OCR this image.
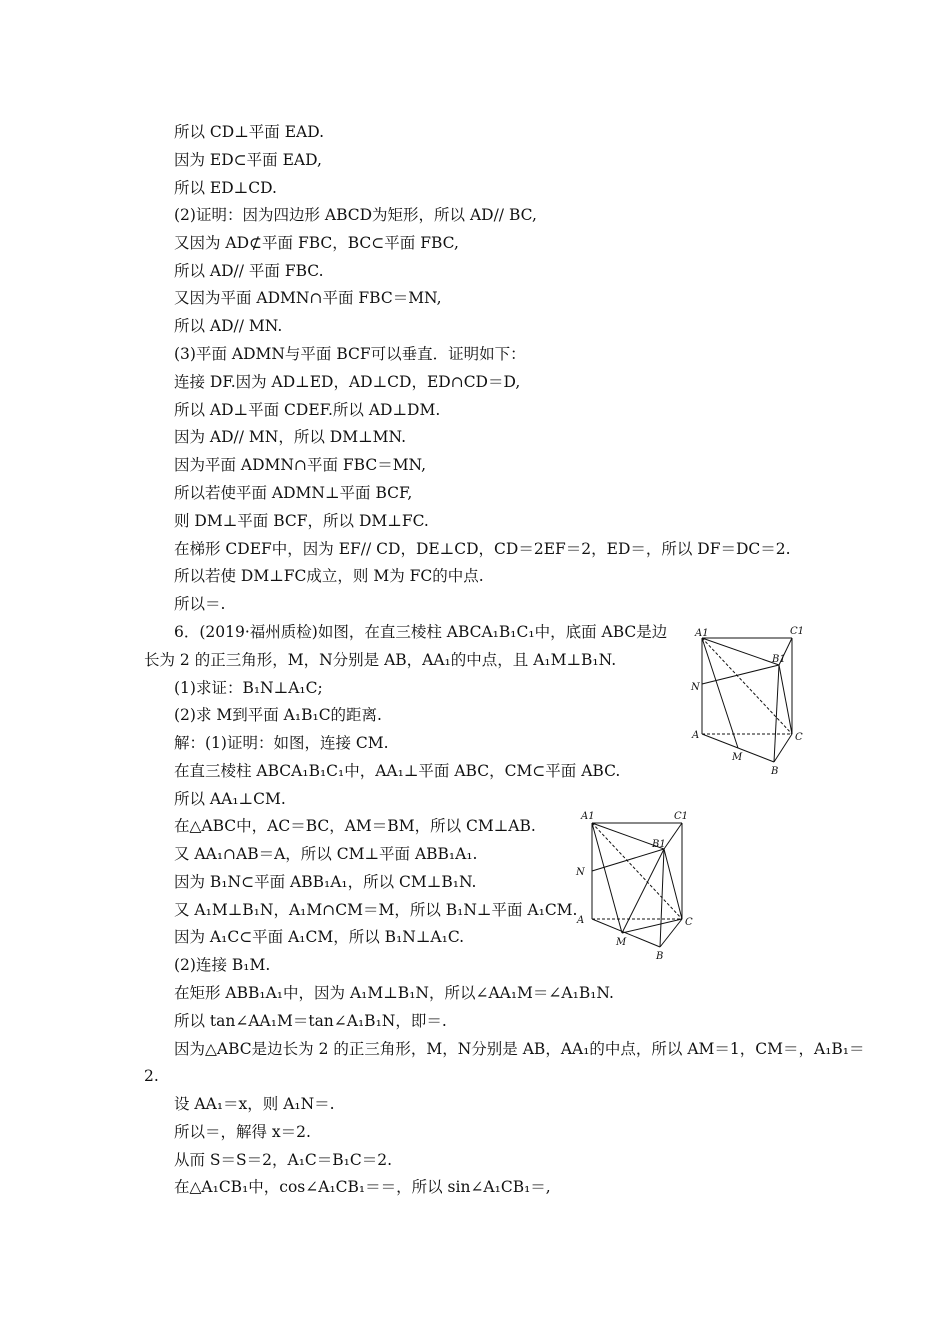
所以 CD⊥平面 EAD.
因为 ED⊂平面 EAD,
所以 ED⊥CD.
(2)证明：因为四边形 ABCD为矩形，所以 AD// BC,
又因为 AD⊄平面 FBC，BC⊂平面 FBC,
所以 AD// 平面 FBC.
又因为平面 ADMN∩平面 FBC＝MN,
所以 AD// MN.
(3)平面 ADMN与平面 BCF可以垂直．证明如下：
连接 DF.因为 AD⊥ED，AD⊥CD，ED∩CD＝D,
所以 AD⊥平面 CDEF.所以 AD⊥DM.
因为 AD// MN，所以 DM⊥MN.
因为平面 ADMN∩平面 FBC＝MN,
所以若使平面 ADMN⊥平面 BCF,
则 DM⊥平面 BCF，所以 DM⊥FC.
在梯形 CDEF中，因为 EF// CD，DE⊥CD，CD＝2EF＝2，ED＝，所以 DF＝DC＝2.
所以若使 DM⊥FC成立，则 M为 FC的中点.
所以＝.
6．(2019·福州质检)如图，在直三棱柱 ABCA₁B₁C₁中，底面 ABC是边
长为 2 的正三角形，M，N分别是 AB，AA₁的中点，且 A₁M⊥B₁N.
(1)求证：B₁N⊥A₁C;
(2)求 M到平面 A₁B₁C的距离.
解：(1)证明：如图，连接 CM.
在直三棱柱 ABCA₁B₁C₁中，AA₁⊥平面 ABC，CM⊂平面 ABC.
所以 AA₁⊥CM.
在△ABC中，AC＝BC，AM＝BM，所以 CM⊥AB.
又 AA₁∩AB＝A，所以 CM⊥平面 ABB₁A₁.
因为 B₁N⊂平面 ABB₁A₁，所以 CM⊥B₁N.
又 A₁M⊥B₁N，A₁M∩CM＝M，所以 B₁N⊥平面 A₁CM.
因为 A₁C⊂平面 A₁CM，所以 B₁N⊥A₁C.
(2)连接 B₁M.
在矩形 ABB₁A₁中，因为 A₁M⊥B₁N，所以∠AA₁M＝∠A₁B₁N.
所以 tan∠AA₁M＝tan∠A₁B₁N，即＝.
因为△ABC是边长为 2 的正三角形，M，N分别是 AB，AA₁的中点，所以 AM＝1，CM＝，A₁B₁＝
2.
设 AA₁＝x，则 A₁N＝.
所以＝，解得 x＝2.
从而 S＝S＝2，A₁C＝B₁C＝2.
在△A₁CB₁中，cos∠A₁CB₁＝＝，所以 sin∠A₁CB₁＝,
A1	C1
B1
N
A	C
M
B
A1	C1
B1
N
A	C
M
B
